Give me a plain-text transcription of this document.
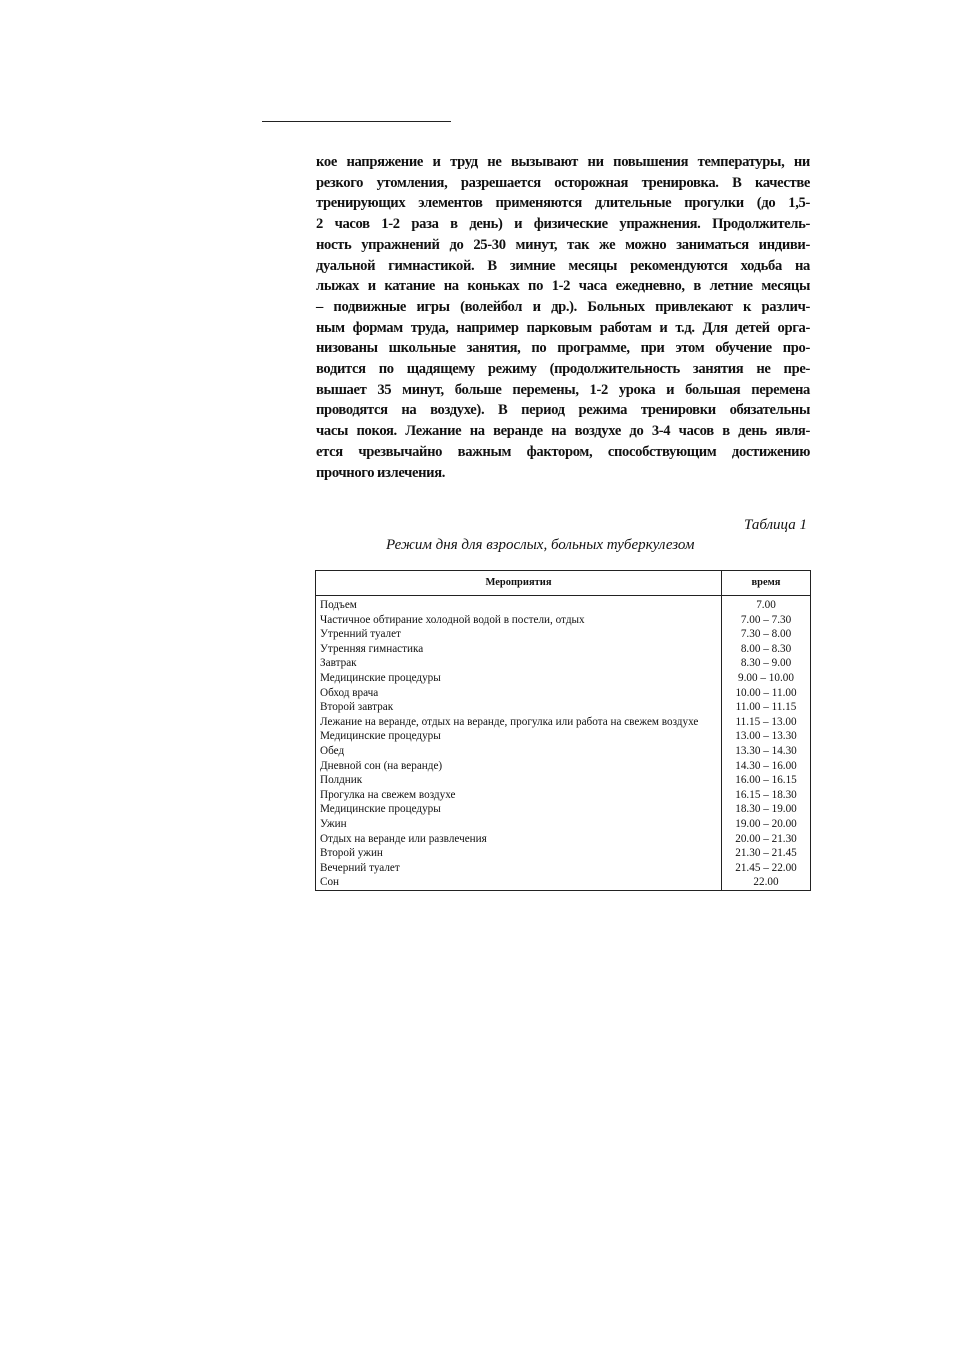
кое напряжение и труд не вызывают ни повышения температуры, ни
резкого утомления, разрешается осторожная тренировка. В качестве
тренирующих элементов применяются длительные прогулки (до 1,5-
2 часов 1-2 раза в день) и физические упражнения. Продолжитель-
ность упражнений до 25-30 минут, так же можно заниматься индиви-
дуальной гимнастикой. В зимние месяцы рекомендуются ходьба на
лыжах и катание на коньках по 1-2 часа ежедневно, в летние месяцы
– подвижные игры (волейбол и др.). Больных привлекают к различ-
ным формам труда, например парковым работам и т.д. Для детей орга-
низованы школьные занятия, по программе, при этом обучение про-
водится по щадящему режиму (продолжительность занятия не пре-
вышает 35 минут, больше перемены, 1-2 урока и большая перемена
проводятся на воздухе). В период режима тренировки обязательны
часы покоя. Лежание на веранде на воздухе до 3-4 часов в день явля-
ется чрезвычайно важным фактором, способствующим достижению
прочного излечения.
Таблица 1
Режим дня для взрослых, больных туберкулезом
Мероприятия	время
Подъем	7.00
Частичное обтирание холодной водой в постели, отдых	7.00 – 7.30
Утренний туалет	7.30 – 8.00
Утренняя гимнастика	8.00 – 8.30
Завтрак	8.30 – 9.00
Медицинские процедуры	9.00 – 10.00
Обход врача	10.00 – 11.00
Второй завтрак	11.00 – 11.15

Лежание на веранде, отдых на веранде, прогулка или работа на свежем воздухе	11.15 – 13.00
Медицинские процедуры	13.00 – 13.30
Обед	13.30 – 14.30
Дневной сон (на веранде)	14.30 – 16.00
Полдник	16.00 – 16.15
Прогулка на свежем воздухе	16.15 – 18.30
Медицинские процедуры	18.30 – 19.00
Ужин	19.00 – 20.00
Отдых на веранде или развлечения	20.00 – 21.30
Второй ужин	21.30 – 21.45
Вечерний туалет	21.45 – 22.00
Сон	22.00
